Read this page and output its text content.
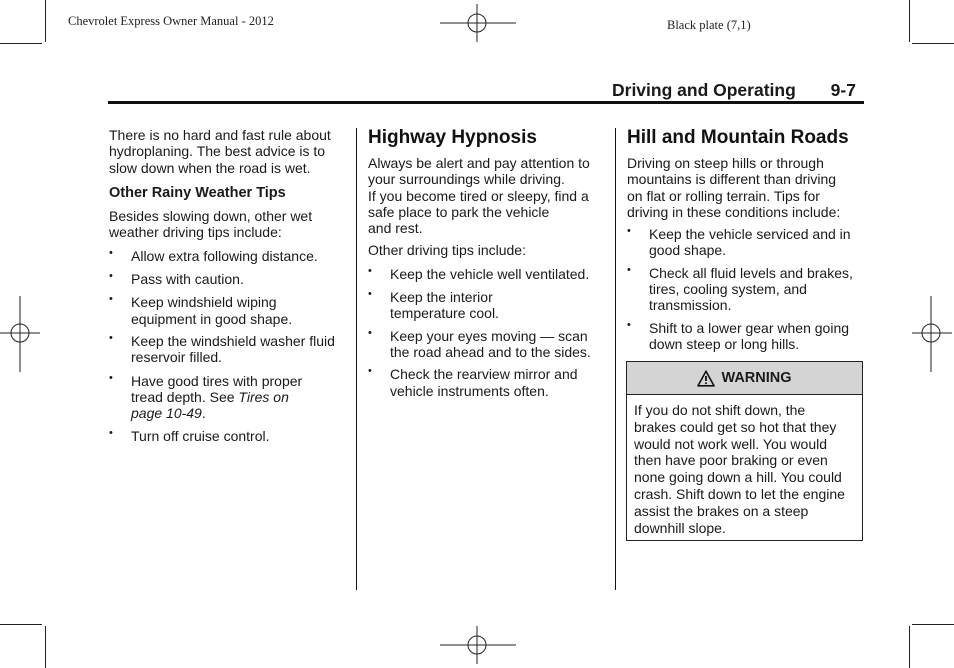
Chevrolet Express Owner Manual - 2012	Black plate (7,1)
Driving and Operating 9-7

There is no hard and fast rule about
hydroplaning. The best advice is to
slow down when the road is wet.

Other Rainy Weather Tips

Besides slowing down, other wet
weather driving tips include:

• Allow extra following distance.
• Pass with caution.
• Keep windshield wiping
equipment in good shape.
• Keep the windshield washer fluid
reservoir filled.
• Have good tires with proper
tread depth. See Tires on
page 10-49.
• Turn off cruise control.

Highway Hypnosis

Always be alert and pay attention to
your surroundings while driving.
If you become tired or sleepy, find a
safe place to park the vehicle
and rest.

Other driving tips include:

• Keep the vehicle well ventilated.
• Keep the interior
temperature cool.
• Keep your eyes moving — scan
the road ahead and to the sides.
• Check the rearview mirror and
vehicle instruments often.

Hill and Mountain Roads

Driving on steep hills or through
mountains is different than driving
on flat or rolling terrain. Tips for
driving in these conditions include:

• Keep the vehicle serviced and in
good shape.
• Check all fluid levels and brakes,
tires, cooling system, and
transmission.
• Shift to a lower gear when going
down steep or long hills.
WARNING
If you do not shift down, the
brakes could get so hot that they
would not work well. You would
then have poor braking or even
none going down a hill. You could
crash. Shift down to let the engine
assist the brakes on a steep
downhill slope.
